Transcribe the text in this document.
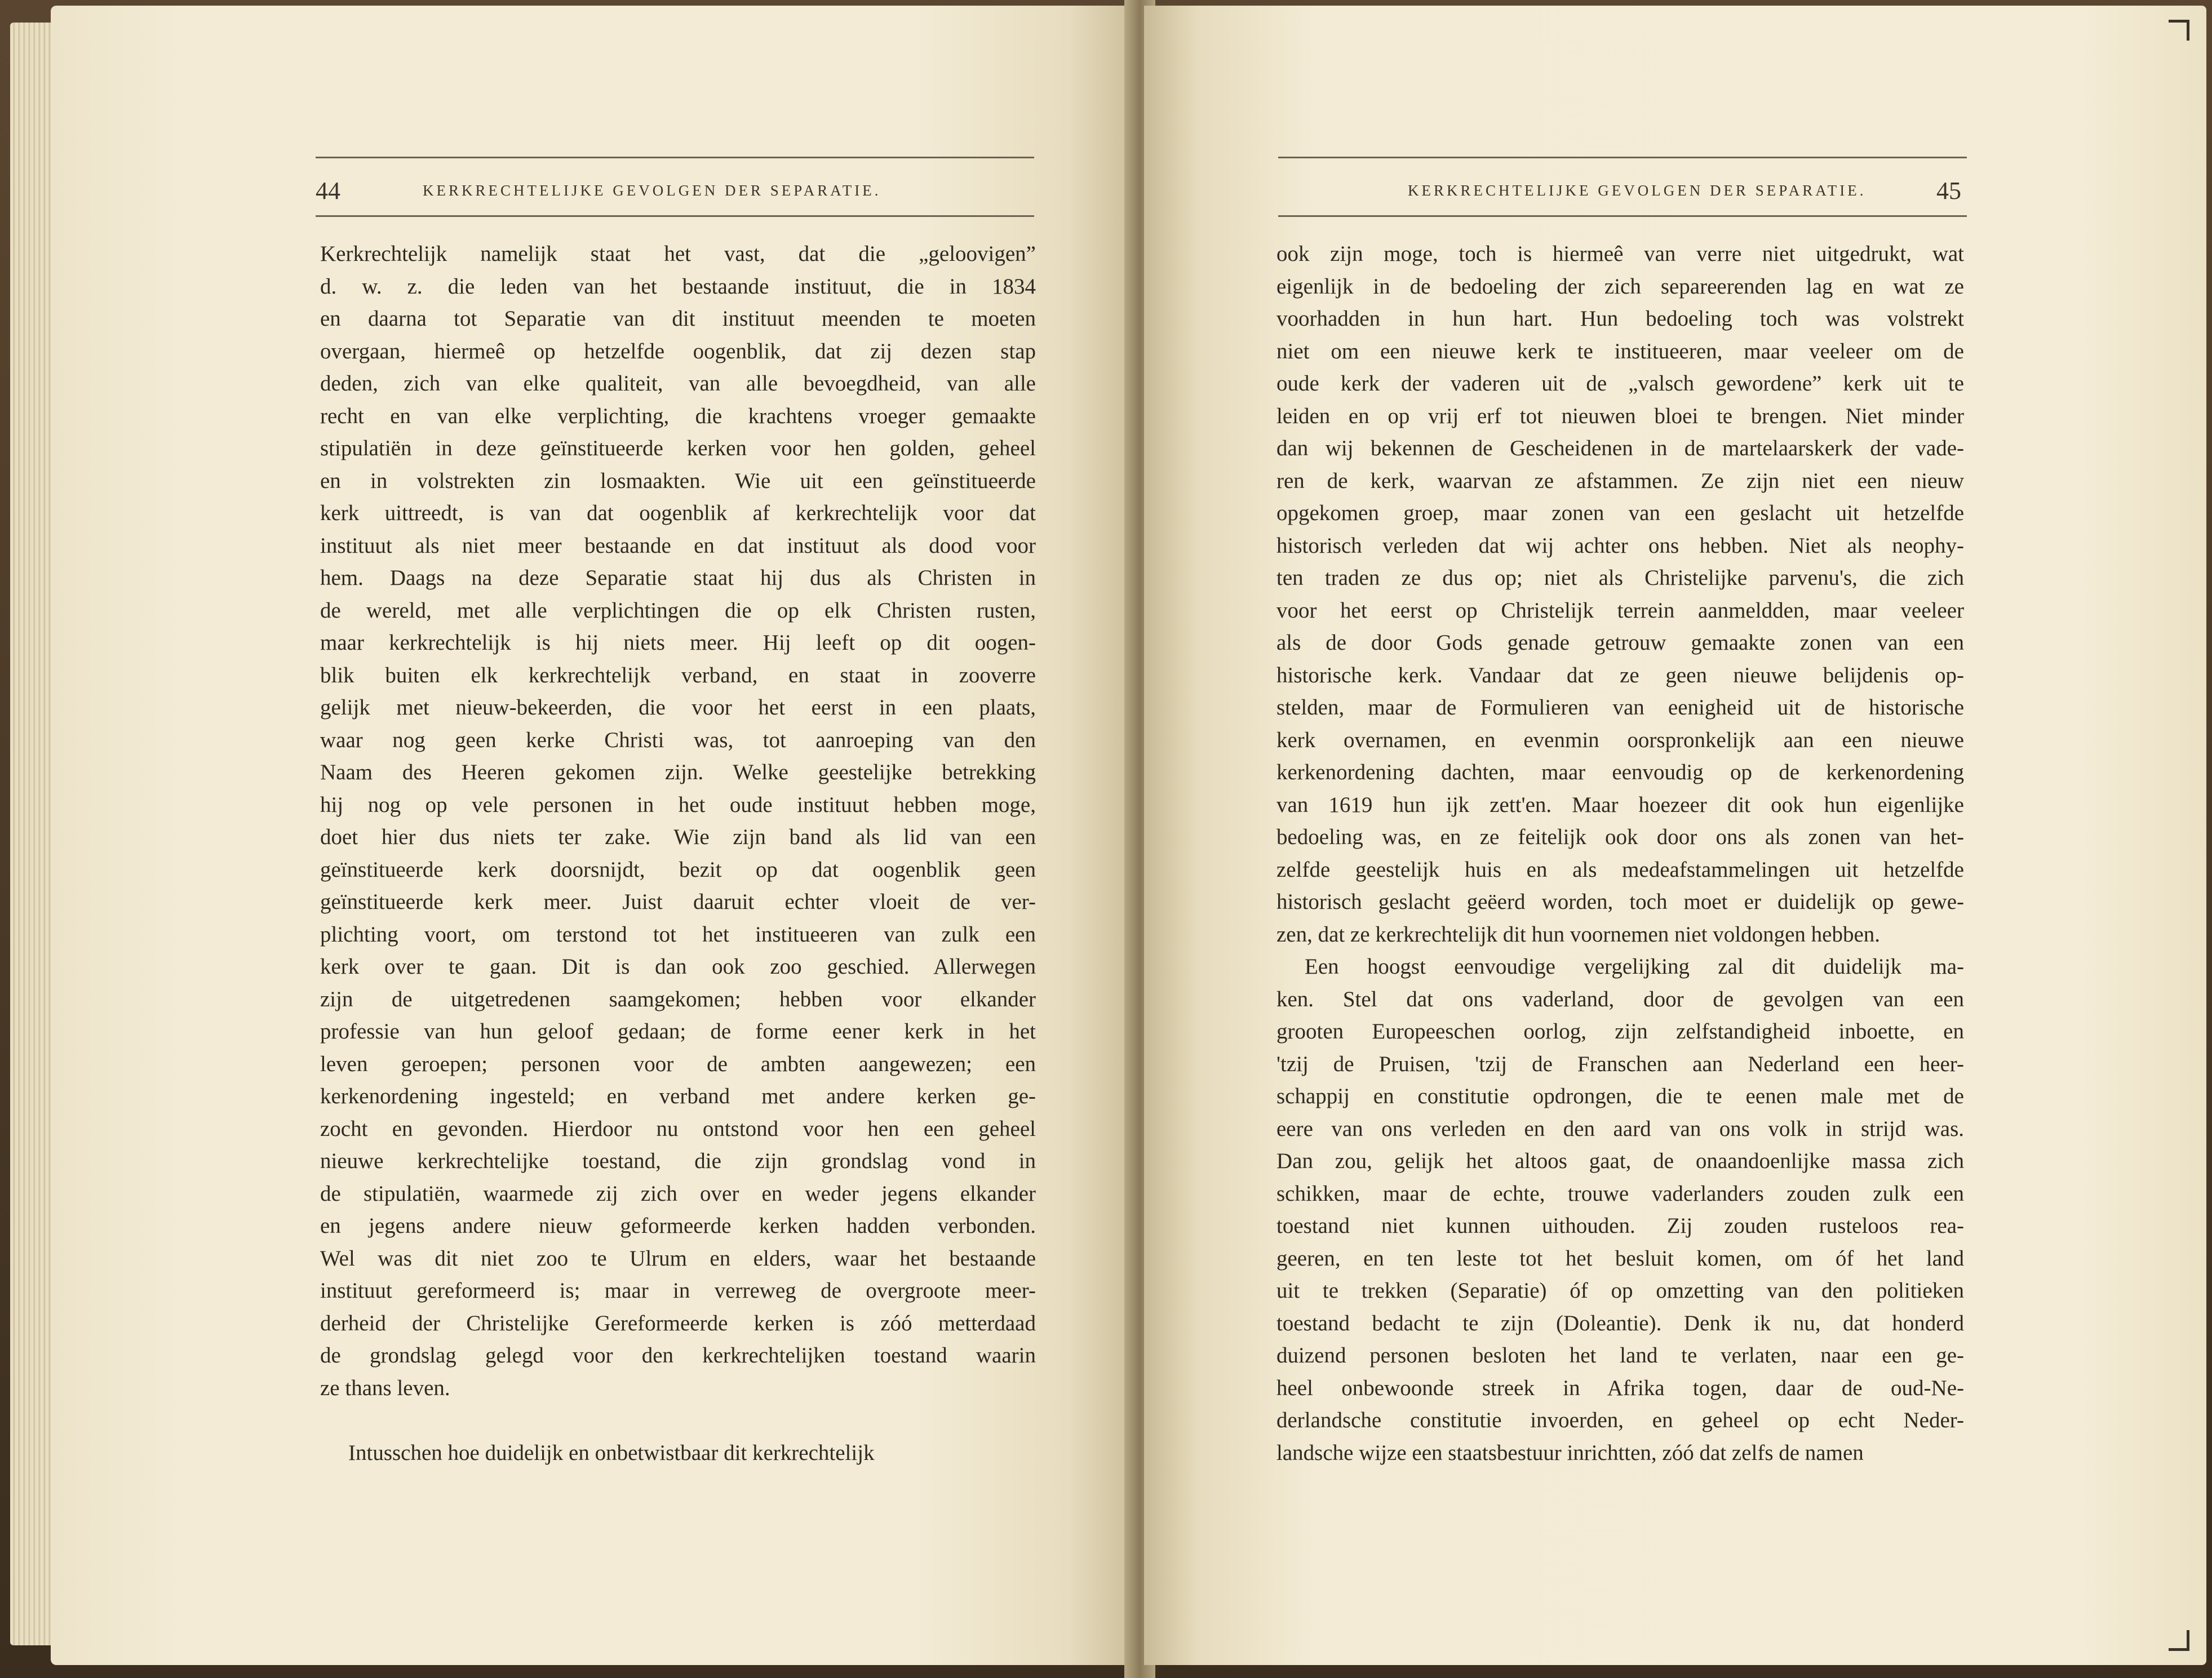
44	KERKRECHTELIJKE GEVOLGEN DER SEPARATIE.
Kerkrechtelijk namelijk staat het vast, dat die „geloovigen”
d. w. z. die leden van het bestaande instituut, die in 1834
en daarna tot Separatie van dit instituut meenden te moeten
overgaan, hiermeê op hetzelfde oogenblik, dat zij dezen stap
deden, zich van elke qualiteit, van alle bevoegdheid, van alle
recht en van elke verplichting, die krachtens vroeger gemaakte
stipulatiën in deze geïnstitueerde kerken voor hen golden, geheel
en in volstrekten zin losmaakten. Wie uit een geïnstitueerde
kerk uittreedt, is van dat oogenblik af kerkrechtelijk voor dat
instituut als niet meer bestaande en dat instituut als dood voor
hem. Daags na deze Separatie staat hij dus als Christen in
de wereld, met alle verplichtingen die op elk Christen rusten,
maar kerkrechtelijk is hij niets meer. Hij leeft op dit oogen-
blik buiten elk kerkrechtelijk verband, en staat in zooverre
gelijk met nieuw-bekeerden, die voor het eerst in een plaats,
waar nog geen kerke Christi was, tot aanroeping van den
Naam des Heeren gekomen zijn. Welke geestelijke betrekking
hij nog op vele personen in het oude instituut hebben moge,
doet hier dus niets ter zake. Wie zijn band als lid van een
geïnstitueerde kerk doorsnijdt, bezit op dat oogenblik geen
geïnstitueerde kerk meer. Juist daaruit echter vloeit de ver-
plichting voort, om terstond tot het institueeren van zulk een
kerk over te gaan. Dit is dan ook zoo geschied. Allerwegen
zijn de uitgetredenen saamgekomen; hebben voor elkander
professie van hun geloof gedaan; de forme eener kerk in het
leven geroepen; personen voor de ambten aangewezen; een
kerkenordening ingesteld; en verband met andere kerken ge-
zocht en gevonden. Hierdoor nu ontstond voor hen een geheel
nieuwe kerkrechtelijke toestand, die zijn grondslag vond in
de stipulatiën, waarmede zij zich over en weder jegens elkander
en jegens andere nieuw geformeerde kerken hadden verbonden.
Wel was dit niet zoo te Ulrum en elders, waar het bestaande
instituut gereformeerd is; maar in verreweg de overgroote meer-
derheid der Christelijke Gereformeerde kerken is zóó metterdaad
de grondslag gelegd voor den kerkrechtelijken toestand waarin
ze thans leven.
Intusschen hoe duidelijk en onbetwistbaar dit kerkrechtelijk
KERKRECHTELIJKE GEVOLGEN DER SEPARATIE.	45
ook zijn moge, toch is hiermeê van verre niet uitgedrukt, wat
eigenlijk in de bedoeling der zich separeerenden lag en wat ze
voorhadden in hun hart. Hun bedoeling toch was volstrekt
niet om een nieuwe kerk te institueeren, maar veeleer om de
oude kerk der vaderen uit de „valsch gewordene” kerk uit te
leiden en op vrij erf tot nieuwen bloei te brengen. Niet minder
dan wij bekennen de Gescheidenen in de martelaarskerk der vade-
ren de kerk, waarvan ze afstammen. Ze zijn niet een nieuw
opgekomen groep, maar zonen van een geslacht uit hetzelfde
historisch verleden dat wij achter ons hebben. Niet als neophy-
ten traden ze dus op; niet als Christelijke parvenu's, die zich
voor het eerst op Christelijk terrein aanmeldden, maar veeleer
als de door Gods genade getrouw gemaakte zonen van een
historische kerk. Vandaar dat ze geen nieuwe belijdenis op-
stelden, maar de Formulieren van eenigheid uit de historische
kerk overnamen, en evenmin oorspronkelijk aan een nieuwe
kerkenordening dachten, maar eenvoudig op de kerkenordening
van 1619 hun ijk zett'en. Maar hoezeer dit ook hun eigenlijke
bedoeling was, en ze feitelijk ook door ons als zonen van het-
zelfde geestelijk huis en als medeafstammelingen uit hetzelfde
historisch geslacht geëerd worden, toch moet er duidelijk op gewe-
zen, dat ze kerkrechtelijk dit hun voornemen niet voldongen hebben.
Een hoogst eenvoudige vergelijking zal dit duidelijk ma-
ken. Stel dat ons vaderland, door de gevolgen van een
grooten Europeeschen oorlog, zijn zelfstandigheid inboette, en
'tzij de Pruisen, 'tzij de Franschen aan Nederland een heer-
schappij en constitutie opdrongen, die te eenen male met de
eere van ons verleden en den aard van ons volk in strijd was.
Dan zou, gelijk het altoos gaat, de onaandoenlijke massa zich
schikken, maar de echte, trouwe vaderlanders zouden zulk een
toestand niet kunnen uithouden. Zij zouden rusteloos rea-
geeren, en ten leste tot het besluit komen, om óf het land
uit te trekken (Separatie) óf op omzetting van den politieken
toestand bedacht te zijn (Doleantie). Denk ik nu, dat honderd
duizend personen besloten het land te verlaten, naar een ge-
heel onbewoonde streek in Afrika togen, daar de oud-Ne-
derlandsche constitutie invoerden, en geheel op echt Neder-
landsche wijze een staatsbestuur inrichtten, zóó dat zelfs de namen
